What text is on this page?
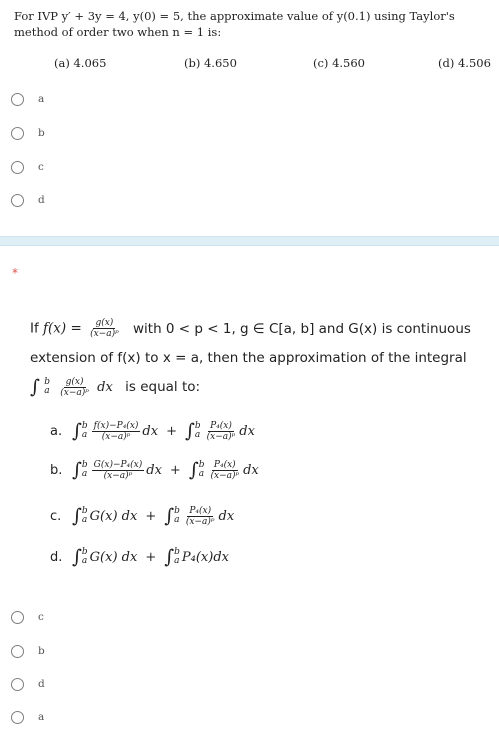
For IVP y′ + 3y = 4, y(0) = 5, the approximate value of y(0.1) using Taylor's
method of order two when n = 1 is:
(a) 4.065	(b) 4.650	(c) 4.560	(d) 4.506
a
b
c
d
*
If $f(x) = \frac{g(x)}{\text{(x−a)ᵖ}}$ with 0 < p < 1, g ∈ C[a, b] and G(x) is continuous
extension of f(x) to x = a, then the approximation of the integral
∫ b
a
$\frac{g(x)}{\text{(x−a)ᵖ}}$ dx is equal to:
a. ∫ b
a $\frac{\text{f(x)−P₄(x)}}{\text{(x−a)ᵖ}}$ dx + ∫ b
a $\frac{\text{P₄(x)}}{\text{(x−a)ᵖ}}$ dx
b. ∫ b
a $\frac{\text{G(x)−P₄(x)}}{\text{(x−a)ᵖ}}$ dx + ∫ b
a $\frac{\text{P₄(x)}}{\text{(x−a)ᵖ}}$ dx
c. ∫ b
a G(x) dx + ∫ b
a $\frac{\text{P₄(x)}}{\text{(x−a)ᵖ}}$ dx
d. ∫ b
a G(x) dx + ∫ b
a P₄(x)dx
c
b
d
a
